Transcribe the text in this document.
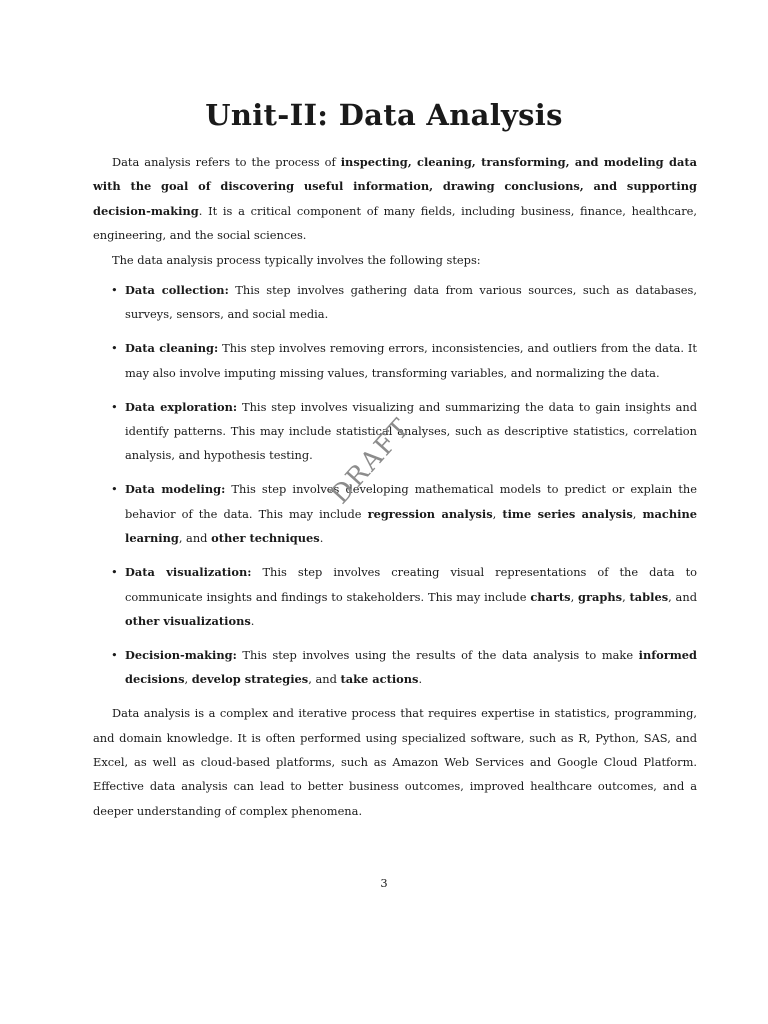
Unit-II: Data Analysis

Data analysis refers to the process of inspecting, cleaning, transforming, and modeling data with the goal of discovering useful information, drawing conclusions, and supporting decision-making. It is a critical component of many fields, including business, finance, healthcare, engineering, and the social sciences.

The data analysis process typically involves the following steps:

• Data collection: This step involves gathering data from various sources, such as databases, surveys, sensors, and social media.
• Data cleaning: This step involves removing errors, inconsistencies, and outliers from the data. It may also involve imputing missing values, transforming variables, and normalizing the data.
• Data exploration: This step involves visualizing and summarizing the data to gain insights and identify patterns. This may include statistical analyses, such as descriptive statistics, correlation analysis, and hypothesis testing.
• Data modeling: This step involves developing mathematical models to predict or explain the behavior of the data. This may include regression analysis, time series analysis, machine learning, and other techniques.
• Data visualization: This step involves creating visual representations of the data to communicate insights and findings to stakeholders. This may include charts, graphs, tables, and other visualizations.
• Decision-making: This step involves using the results of the data analysis to make informed decisions, develop strategies, and take actions.

Data analysis is a complex and iterative process that requires expertise in statistics, programming, and domain knowledge. It is often performed using specialized software, such as R, Python, SAS, and Excel, as well as cloud-based platforms, such as Amazon Web Services and Google Cloud Platform. Effective data analysis can lead to better business outcomes, improved healthcare outcomes, and a deeper understanding of complex phenomena.

DRAFT
3
